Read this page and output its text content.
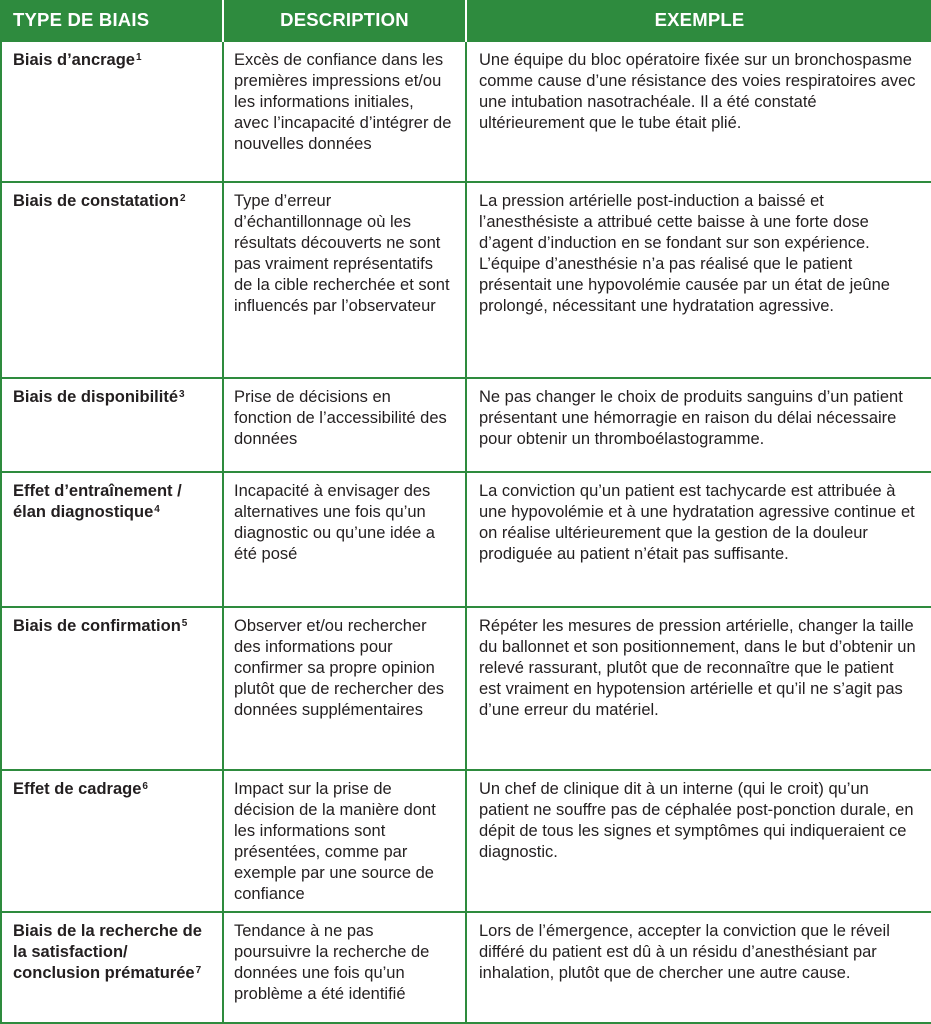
TYPE DE BIAIS	DESCRIPTION	EXEMPLE
Biais d’ancrage$^1$	Excès de confiance dans les premières impressions et/ou les informations initiales, avec l’incapacité d’intégrer de nouvelles données	Une équipe du bloc opératoire fixée sur un bronchospasme comme cause d’une résistance des voies respiratoires avec une intubation nasotrachéale. Il a été constaté ultérieurement que le tube était plié.
Biais de constatation$^2$	Type d’erreur d’échantillonnage où les résultats découverts ne sont pas vraiment représentatifs de la cible recherchée et sont influencés par l’observateur	La pression artérielle post-induction a baissé et l’anesthésiste a attribué cette baisse à une forte dose d’agent d’induction en se fondant sur son expérience. L’équipe d’anesthésie n’a pas réalisé que le patient présentait une hypovolémie causée par un état de jeûne prolongé, nécessitant une hydratation agressive.
Biais de disponibilité$^3$	Prise de décisions en fonction de l’accessibilité des données	Ne pas changer le choix de produits sanguins d’un patient présentant une hémorragie en raison du délai nécessaire pour obtenir un thromboélastogramme.
Effet d’entraînement / élan diagnostique$^4$	Incapacité à envisager des alternatives une fois qu’un diagnostic ou qu’une idée a été posé	La conviction qu’un patient est tachycarde est attribuée à une hypovolémie et à une hydratation agressive continue et on réalise ultérieurement que la gestion de la douleur prodiguée au patient n’était pas suffisante.
Biais de confirmation$^5$	Observer et/ou rechercher des informations pour confirmer sa propre opinion plutôt que de rechercher des données supplémentaires	Répéter les mesures de pression artérielle, changer la taille du ballonnet et son positionnement, dans le but d’obtenir un relevé rassurant, plutôt que de reconnaître que le patient est vraiment en hypotension artérielle et qu’il ne s’agit pas d’une erreur du matériel.
Effet de cadrage$^6$	Impact sur la prise de décision de la manière dont les informations sont présentées, comme par exemple par une source de confiance	Un chef de clinique dit à un interne (qui le croit) qu’un patient ne souffre pas de céphalée post-ponction durale, en dépit de tous les signes et symptômes qui indiqueraient ce diagnostic.
Biais de la recherche de la satisfaction/ conclusion prématurée$^7$	Tendance à ne pas poursuivre la recherche de données une fois qu’un problème a été identifié	Lors de l’émergence, accepter la conviction que le réveil différé du patient est dû à un résidu d’anesthésiant par inhalation, plutôt que de chercher une autre cause.
